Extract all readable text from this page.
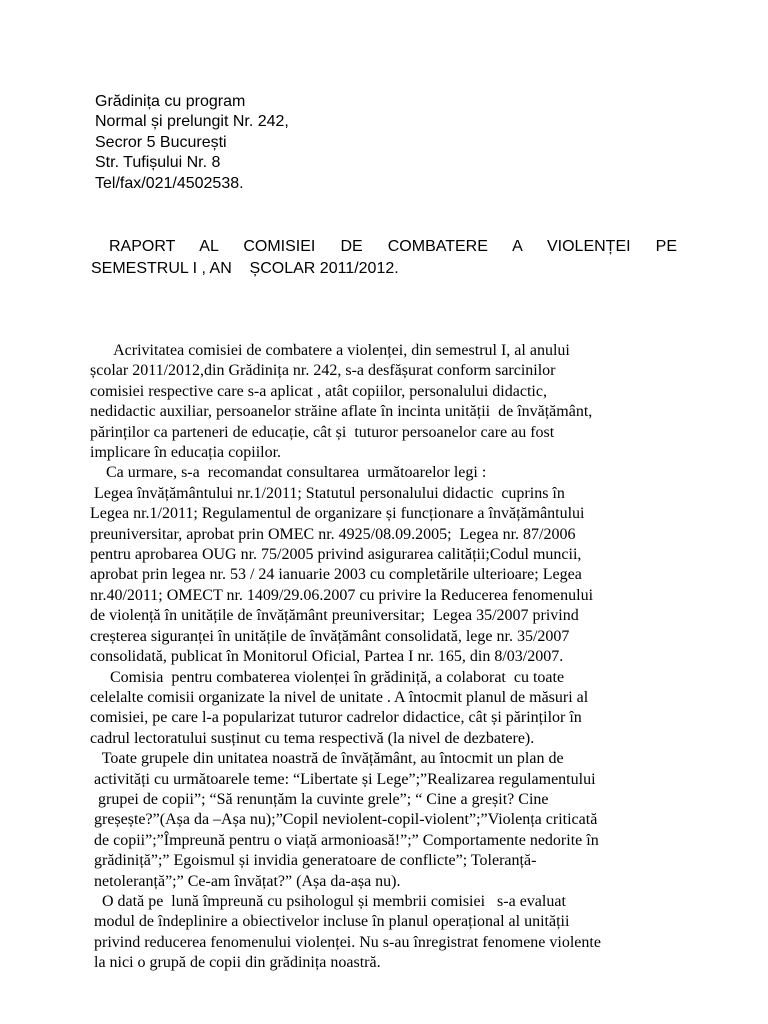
Grădinița cu program
Normal și prelungit Nr. 242,
Secror 5 București
Str. Tufișului Nr. 8
Tel/fax/021/4502538.
RAPORT AL COMISIEI DE COMBATERE A VIOLENȚEI PE
SEMESTRUL I , AN    ȘCOLAR 2011/2012.
Acrivitatea comisiei de combatere a violenței, din semestrul I, al anului
școlar 2011/2012,din Grădinița nr. 242, s-a desfășurat conform sarcinilor
comisiei respective care s-a aplicat , atât copiilor, personalului didactic,
nedidactic auxiliar, persoanelor străine aflate în incinta unității  de învățământ,
părinților ca parteneri de educație, cât și  tuturor persoanelor care au fost
implicare în educația copiilor.
Ca urmare, s-a  recomandat consultarea  următoarelor legi :
Legea învățământului nr.1/2011; Statutul personalului didactic  cuprins în
Legea nr.1/2011; Regulamentul de organizare și funcționare a învățământului
preuniversitar, aprobat prin OMEC nr. 4925/08.09.2005;  Legea nr. 87/2006
pentru aprobarea OUG nr. 75/2005 privind asigurarea calității;Codul muncii,
aprobat prin legea nr. 53 / 24 ianuarie 2003 cu completările ulterioare; Legea
nr.40/2011; OMECT nr. 1409/29.06.2007 cu privire la Reducerea fenomenului
de violență în unitățile de învățământ preuniversitar;  Legea 35/2007 privind
creșterea siguranței în unitățile de învățământ consolidată, lege nr. 35/2007
consolidată, publicat în Monitorul Oficial, Partea I nr. 165, din 8/03/2007.
Comisia  pentru combaterea violenței în grădiniță, a colaborat  cu toate
celelalte comisii organizate la nivel de unitate . A întocmit planul de măsuri al
comisiei, pe care l-a popularizat tuturor cadrelor didactice, cât și părinților în
cadrul lectoratului susținut cu tema respectivă (la nivel de dezbatere).
Toate grupele din unitatea noastră de învățământ, au întocmit un plan de
activități cu următoarele teme: “Libertate și Lege”;”Realizarea regulamentului
grupei de copii”; “Să renunțăm la cuvinte grele”; “ Cine a greșit? Cine
greșește?”(Așa da –Așa nu);”Copil neviolent-copil-violent”;”Violența criticată
de copii”;”Împreună pentru o viață armonioasă!”;” Comportamente nedorite în
grădiniță”;” Egoismul și invidia generatoare de conflicte”; Toleranță-
netoleranță”;” Ce-am învățat?” (Așa da-așa nu).
O dată pe  lună împreună cu psihologul și membrii comisiei   s-a evaluat
modul de îndeplinire a obiectivelor incluse în planul operațional al unității
privind reducerea fenomenului violenței. Nu s-au înregistrat fenomene violente
la nici o grupă de copii din grădinița noastră.
